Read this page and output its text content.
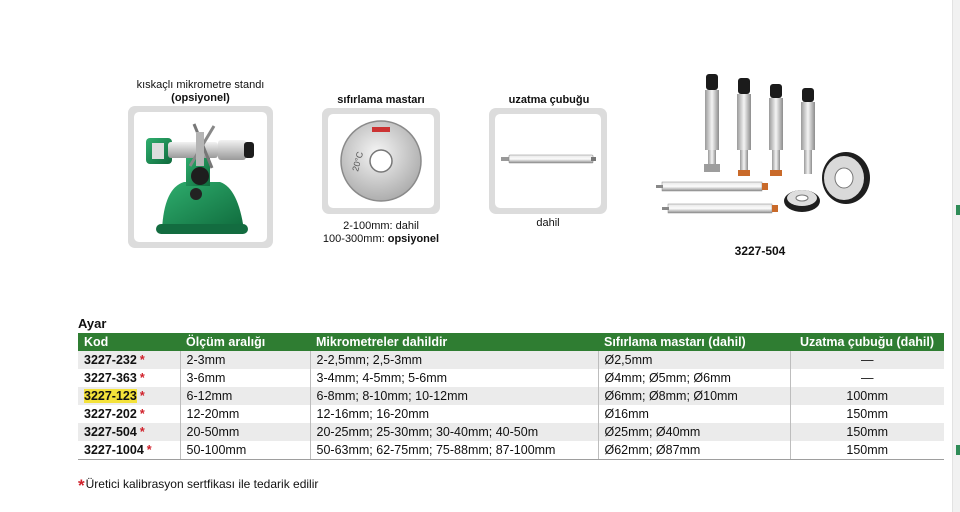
kıskaçlı mikrometre standı
(opsiyonel)	sıfırlama mastarı
20°C
2-100mm: dahil
100-300mm: opsiyonel
uzatma çubuğu
dahil
3227-504
Ayar
Kod	Ölçüm aralığı	Mikrometreler dahildir	Sıfırlama mastarı (dahil)	Uzatma çubuğu (dahil)
3227-232 *	2-3mm	2-2,5mm; 2,5-3mm	Ø2,5mm	—
3227-363 *	3-6mm	3-4mm; 4-5mm; 5-6mm	Ø4mm; Ø5mm; Ø6mm	—
3227-123 *	6-12mm	6-8mm; 8-10mm; 10-12mm	Ø6mm; Ø8mm; Ø10mm	100mm
3227-202 *	12-20mm	12-16mm; 16-20mm	Ø16mm	150mm
3227-504 *	20-50mm	20-25mm; 25-30mm; 30-40mm; 40-50m	Ø25mm; Ø40mm	150mm
3227-1004 *	50-100mm	50-63mm; 62-75mm; 75-88mm; 87-100mm	Ø62mm; Ø87mm	150mm
*Üretici kalibrasyon sertfikası ile tedarik edilir
